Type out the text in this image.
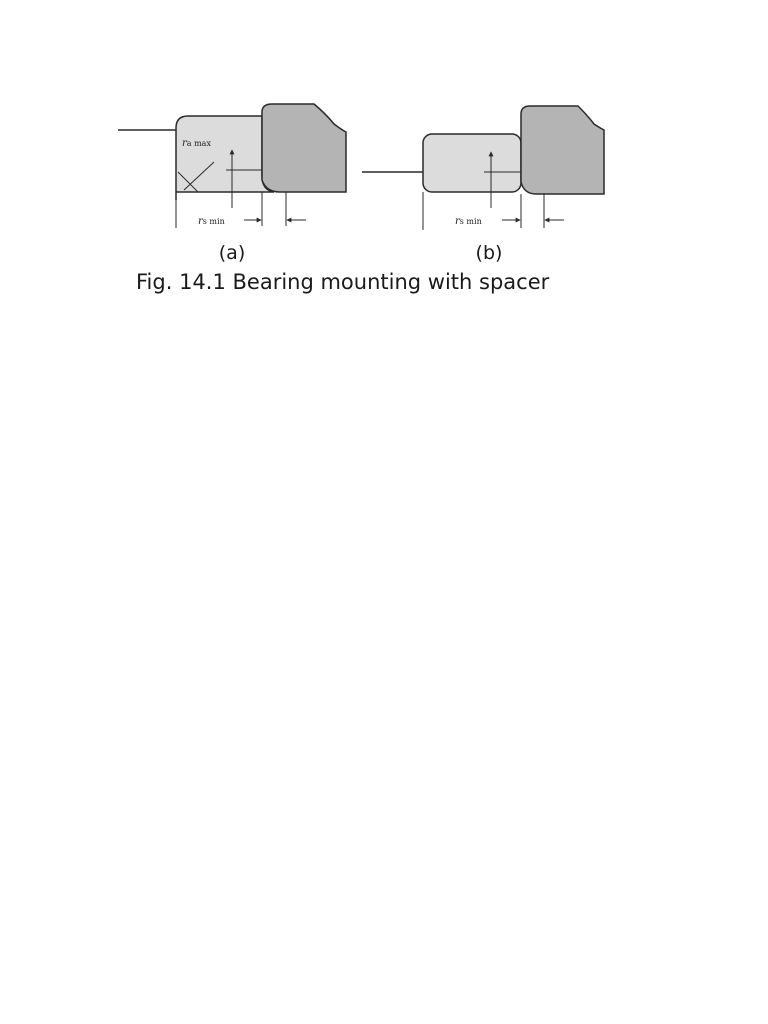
ra max
rs min
(a)
rs min
(b)
Fig. 14.1 Bearing mounting with spacer
